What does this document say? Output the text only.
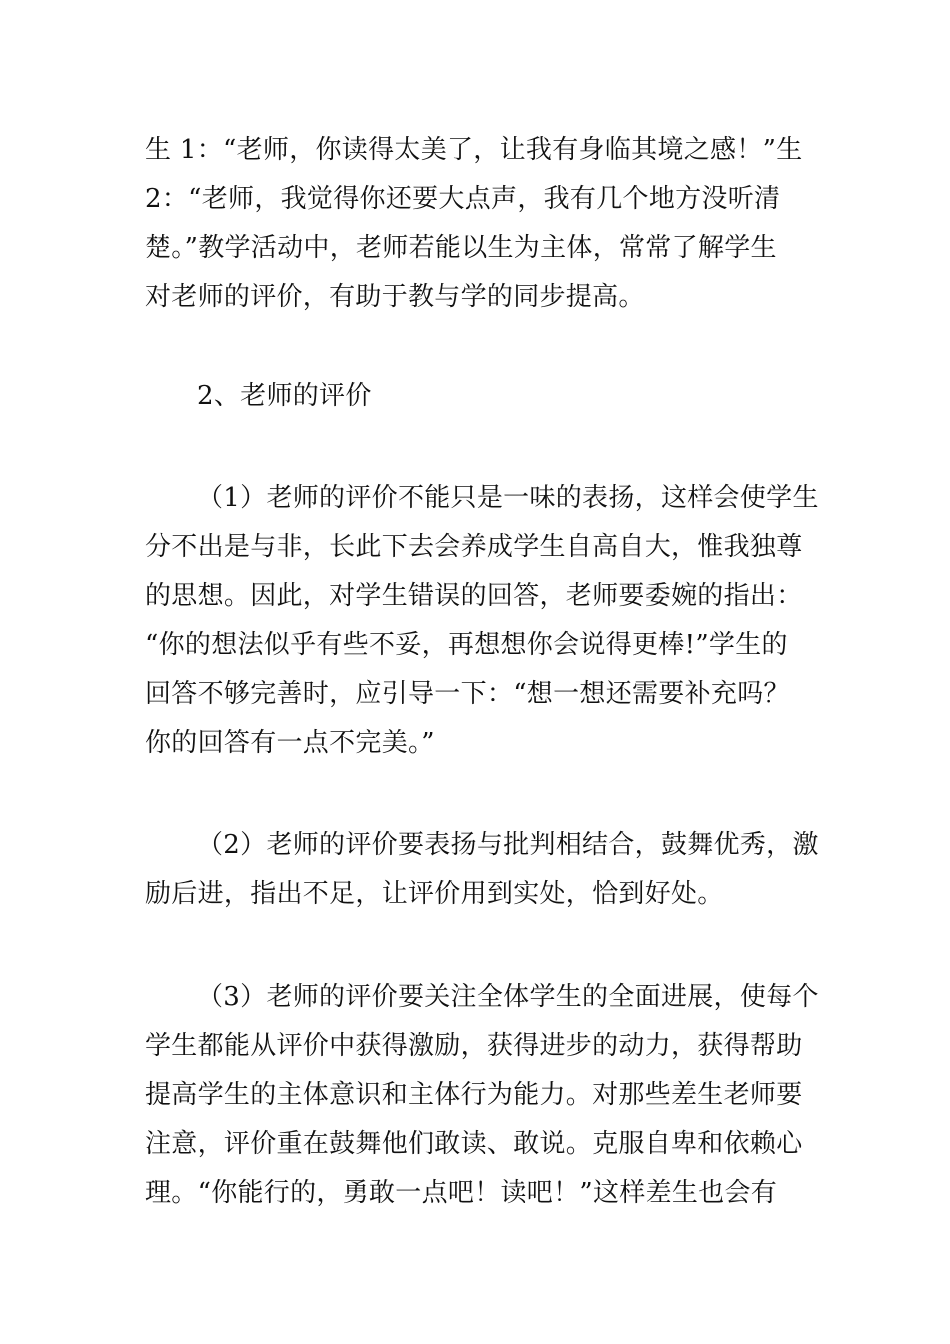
生 1：“老师，你读得太美了，让我有身临其境之感！”生
2：“老师，我觉得你还要大点声，我有几个地方没听清
楚。”教学活动中，老师若能以生为主体，常常了解学生
对老师的评价，有助于教与学的同步提高。
2、老师的评价
（1）老师的评价不能只是一味的表扬，这样会使学生
分不出是与非，长此下去会养成学生自高自大，惟我独尊
的思想。因此，对学生错误的回答，老师要委婉的指出：
“你的想法似乎有些不妥，再想想你会说得更棒!”学生的
回答不够完善时，应引导一下：“想一想还需要补充吗？
你的回答有一点不完美。”
（2）老师的评价要表扬与批判相结合，鼓舞优秀，激
励后进，指出不足，让评价用到实处，恰到好处。
（3）老师的评价要关注全体学生的全面进展，使每个
学生都能从评价中获得激励，获得进步的动力，获得帮助
提高学生的主体意识和主体行为能力。对那些差生老师要
注意，评价重在鼓舞他们敢读、敢说。克服自卑和依赖心
理。“你能行的，勇敢一点吧！读吧！”这样差生也会有
